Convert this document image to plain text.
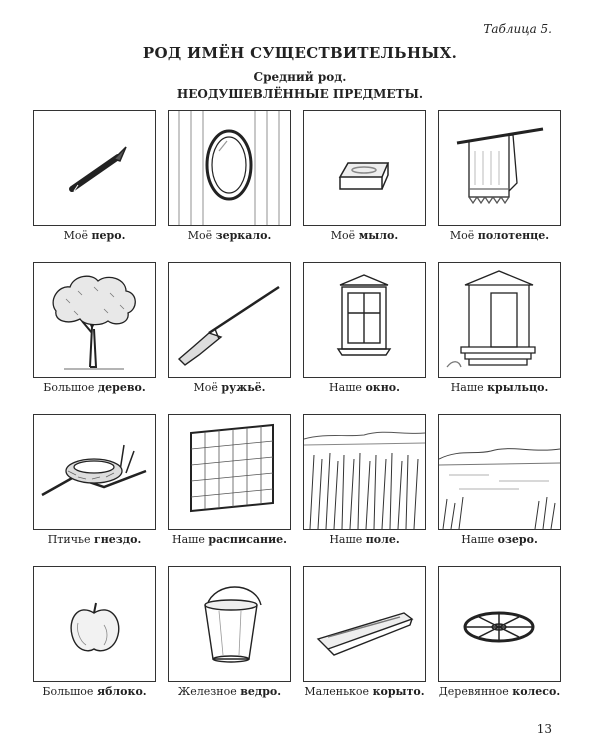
Таблица 5.
РОД ИМЁН СУЩЕСТВИТЕЛЬНЫХ.
Средний род.
НЕОДУШЕВЛЁННЫЕ ПРЕДМЕТЫ.
Моё перо.	Моё зеркало.	Моё мыло.	Моё полотенце.
Большое дерево.	Моё ружьё.	Наше окно.	Наше крыльцо.
Птичье гнездо.	Наше расписание.	Наше поле.	Наше озеро.
Большое яблоко.	Железное ведро.	Маленькое корыто.	Деревянное колесо.
13
